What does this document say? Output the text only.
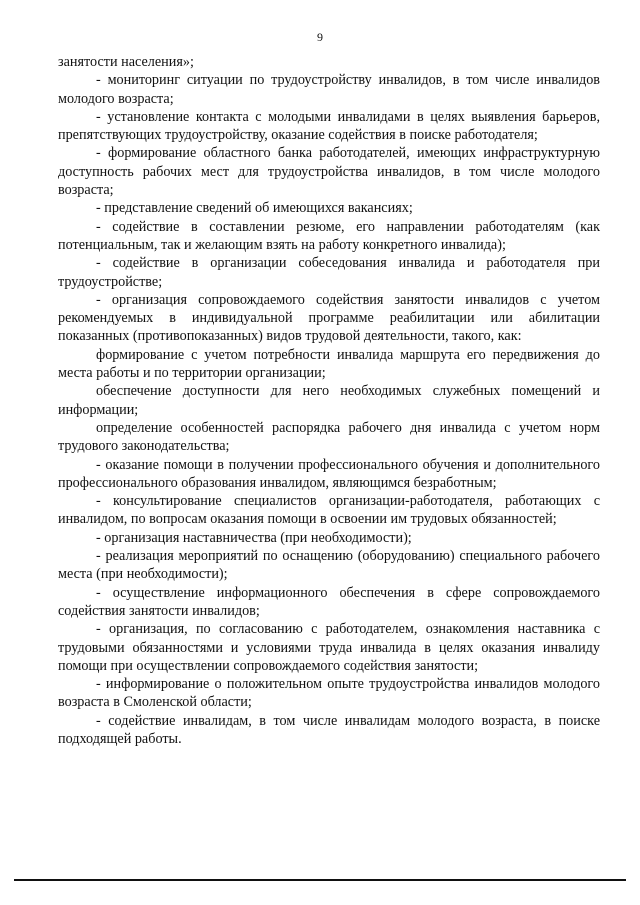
9

занятости населения»;

- мониторинг ситуации по трудоустройству инвалидов, в том числе инвалидов молодого возраста;

- установление контакта с молодыми инвалидами в целях выявления барьеров, препятствующих трудоустройству, оказание содействия в поиске работодателя;

- формирование областного банка работодателей, имеющих инфраструктурную доступность рабочих мест для трудоустройства инвалидов, в том числе молодого возраста;

- представление сведений об имеющихся вакансиях;

- содействие в составлении резюме, его направлении работодателям (как потенциальным, так и желающим взять на работу конкретного инвалида);

- содействие в организации собеседования инвалида и работодателя при трудоустройстве;

- организация сопровождаемого содействия занятости инвалидов с учетом рекомендуемых в индивидуальной программе реабилитации или абилитации показанных (противопоказанных) видов трудовой деятельности, такого, как:

формирование с учетом потребности инвалида маршрута его передвижения до места работы и по территории организации;

обеспечение доступности для него необходимых служебных помещений и информации;

определение особенностей распорядка рабочего дня инвалида с учетом норм трудового законодательства;

- оказание помощи в получении профессионального обучения и дополнительного профессионального образования инвалидом, являющимся безработным;

- консультирование специалистов организации-работодателя, работающих с инвалидом, по вопросам оказания помощи в освоении им трудовых обязанностей;

- организация наставничества (при необходимости);

- реализация мероприятий по оснащению (оборудованию) специального рабочего места (при необходимости);

- осуществление информационного обеспечения в сфере сопровождаемого содействия занятости инвалидов;

- организация, по согласованию с работодателем, ознакомления наставника с трудовыми обязанностями и условиями труда инвалида в целях оказания инвалиду помощи при осуществлении сопровождаемого содействия занятости;

- информирование о положительном опыте трудоустройства инвалидов молодого возраста в Смоленской области;

- содействие инвалидам, в том числе инвалидам молодого возраста, в поиске подходящей работы.
